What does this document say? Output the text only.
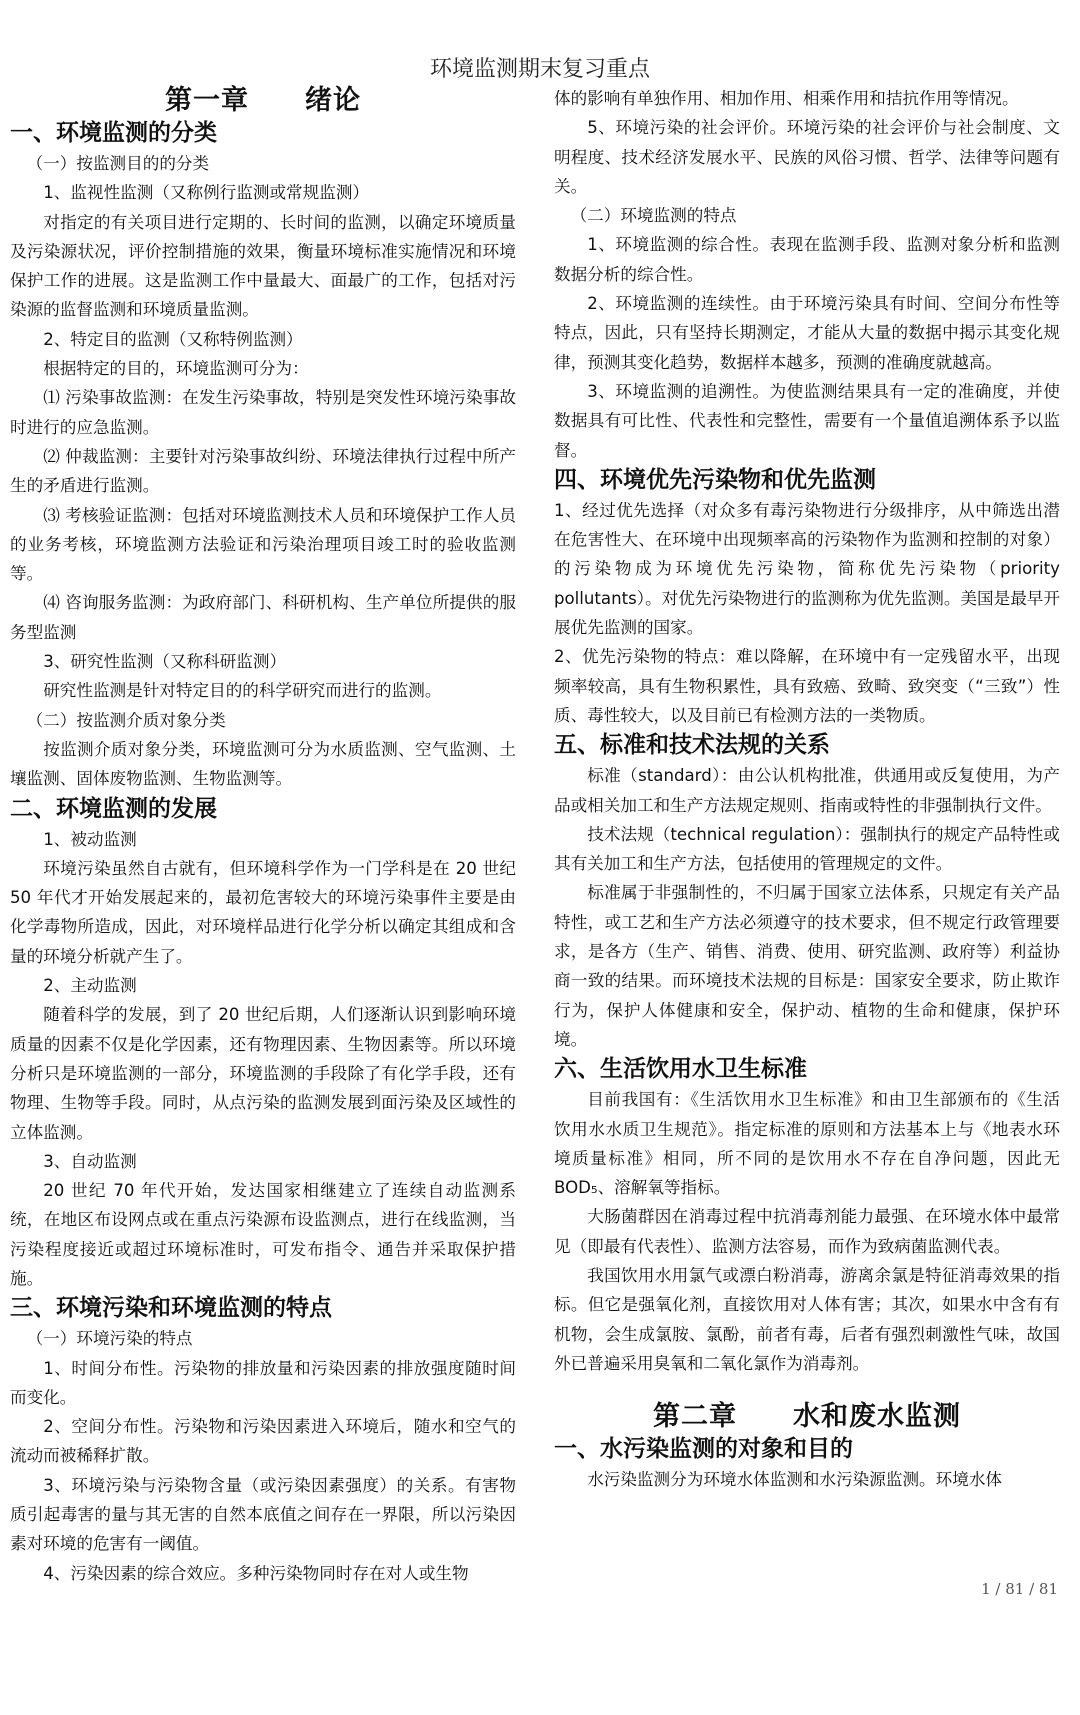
环境监测期末复习重点
第一章　　绪论
一、环境监测的分类
（一）按监测目的的分类
1、监视性监测（又称例行监测或常规监测）
对指定的有关项目进行定期的、长时间的监测，以确定环境质量及污染源状况，评价控制措施的效果，衡量环境标准实施情况和环境保护工作的进展。这是监测工作中量最大、面最广的工作，包括对污染源的监督监测和环境质量监测。
2、特定目的监测（又称特例监测）
根据特定的目的，环境监测可分为：
⑴ 污染事故监测：在发生污染事故，特别是突发性环境污染事故时进行的应急监测。
⑵ 仲裁监测：主要针对污染事故纠纷、环境法律执行过程中所产生的矛盾进行监测。
⑶ 考核验证监测：包括对环境监测技术人员和环境保护工作人员的业务考核，环境监测方法验证和污染治理项目竣工时的验收监测等。
⑷ 咨询服务监测：为政府部门、科研机构、生产单位所提供的服务型监测
3、研究性监测（又称科研监测）
研究性监测是针对特定目的的科学研究而进行的监测。
（二）按监测介质对象分类
按监测介质对象分类，环境监测可分为水质监测、空气监测、土壤监测、固体废物监测、生物监测等。
二、环境监测的发展
1、被动监测
环境污染虽然自古就有，但环境科学作为一门学科是在 20 世纪 50 年代才开始发展起来的，最初危害较大的环境污染事件主要是由化学毒物所造成，因此，对环境样品进行化学分析以确定其组成和含量的环境分析就产生了。
2、主动监测
随着科学的发展，到了 20 世纪后期，人们逐渐认识到影响环境质量的因素不仅是化学因素，还有物理因素、生物因素等。所以环境分析只是环境监测的一部分，环境监测的手段除了有化学手段，还有物理、生物等手段。同时，从点污染的监测发展到面污染及区域性的立体监测。
3、自动监测
20 世纪 70 年代开始，发达国家相继建立了连续自动监测系统，在地区布设网点或在重点污染源布设监测点，进行在线监测，当污染程度接近或超过环境标准时，可发布指令、通告并采取保护措施。
三、环境污染和环境监测的特点
（一）环境污染的特点
1、时间分布性。污染物的排放量和污染因素的排放强度随时间而变化。
2、空间分布性。污染物和污染因素进入环境后，随水和空气的流动而被稀释扩散。
3、环境污染与污染物含量（或污染因素强度）的关系。有害物质引起毒害的量与其无害的自然本底值之间存在一界限，所以污染因素对环境的危害有一阈值。
4、污染因素的综合效应。多种污染物同时存在对人或生物
体的影响有单独作用、相加作用、相乘作用和拮抗作用等情况。
5、环境污染的社会评价。环境污染的社会评价与社会制度、文明程度、技术经济发展水平、民族的风俗习惯、哲学、法律等问题有关。
（二）环境监测的特点
1、环境监测的综合性。表现在监测手段、监测对象分析和监测数据分析的综合性。
2、环境监测的连续性。由于环境污染具有时间、空间分布性等特点，因此，只有坚持长期测定，才能从大量的数据中揭示其变化规律，预测其变化趋势，数据样本越多，预测的准确度就越高。
3、环境监测的追溯性。为使监测结果具有一定的准确度，并使数据具有可比性、代表性和完整性，需要有一个量值追溯体系予以监督。
四、环境优先污染物和优先监测
1、经过优先选择（对众多有毒污染物进行分级排序，从中筛选出潜在危害性大、在环境中出现频率高的污染物作为监测和控制的对象）的污染物成为环境优先污染物，简称优先污染物（priority pollutants）。对优先污染物进行的监测称为优先监测。美国是最早开展优先监测的国家。
2、优先污染物的特点：难以降解，在环境中有一定残留水平，出现频率较高，具有生物积累性，具有致癌、致畸、致突变（“三致”）性质、毒性较大，以及目前已有检测方法的一类物质。
五、标准和技术法规的关系
标准（standard）：由公认机构批准，供通用或反复使用，为产品或相关加工和生产方法规定规则、指南或特性的非强制执行文件。
技术法规（technical regulation）：强制执行的规定产品特性或其有关加工和生产方法，包括使用的管理规定的文件。
标准属于非强制性的，不归属于国家立法体系，只规定有关产品特性，或工艺和生产方法必须遵守的技术要求，但不规定行政管理要求，是各方（生产、销售、消费、使用、研究监测、政府等）利益协商一致的结果。而环境技术法规的目标是：国家安全要求，防止欺诈行为，保护人体健康和安全，保护动、植物的生命和健康，保护环境。
六、生活饮用水卫生标准
目前我国有：《生活饮用水卫生标准》和由卫生部颁布的《生活饮用水水质卫生规范》。指定标准的原则和方法基本上与《地表水环境质量标准》相同，所不同的是饮用水不存在自净问题，因此无 BOD₅、溶解氧等指标。
大肠菌群因在消毒过程中抗消毒剂能力最强、在环境水体中最常见（即最有代表性）、监测方法容易，而作为致病菌监测代表。
我国饮用水用氯气或漂白粉消毒，游离余氯是特征消毒效果的指标。但它是强氧化剂，直接饮用对人体有害；其次，如果水中含有有机物，会生成氯胺、氯酚，前者有毒，后者有强烈刺激性气味，故国外已普遍采用臭氧和二氧化氯作为消毒剂。
第二章　　水和废水监测
一、水污染监测的对象和目的
水污染监测分为环境水体监测和水污染源监测。环境水体
1 / 81 / 81
